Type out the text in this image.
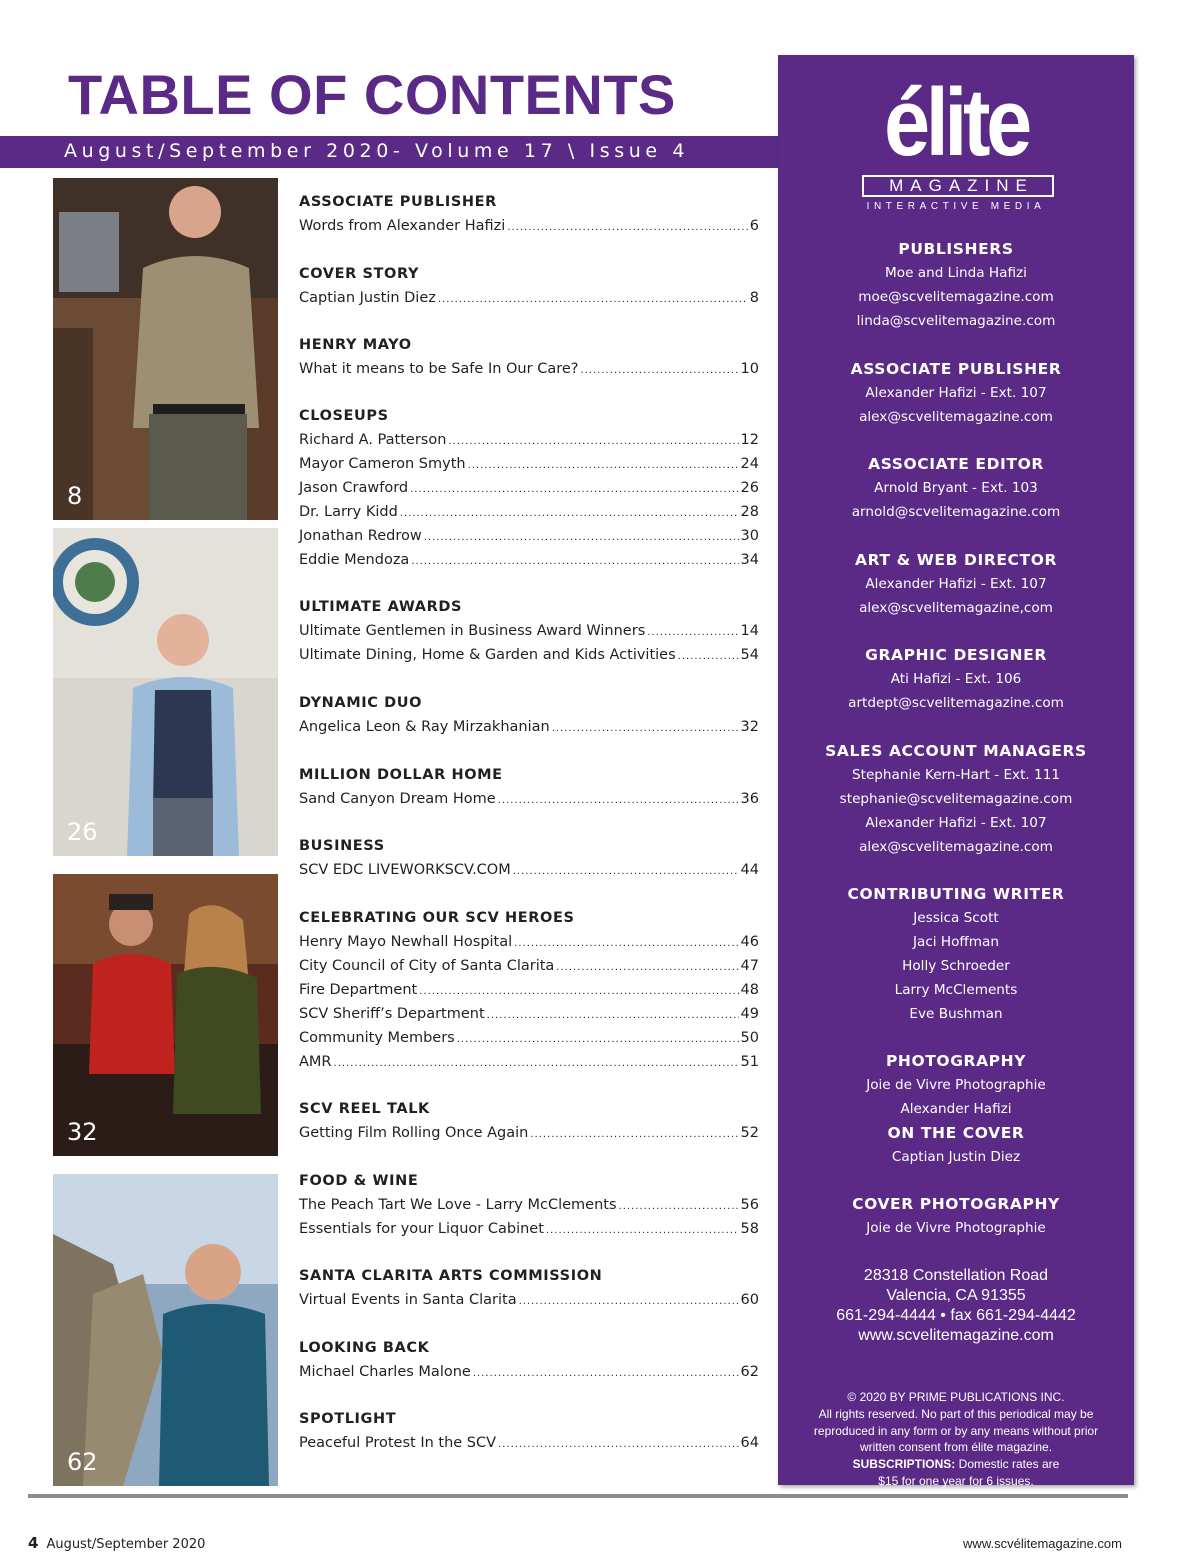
TABLE OF CONTENTS
August/September 2020- Volume 17 \ Issue 4
8
26
32
62
ASSOCIATE PUBLISHER
Words from Alexander Hafizi .....	6
COVER STORY
Captian Justin Diez .....	8
HENRY MAYO
What it means to be Safe In Our Care? .....	10
CLOSEUPS
Richard A. Patterson .....	12
Mayor Cameron Smyth .....	24
Jason Crawford .....	26
Dr. Larry Kidd .....	28
Jonathan Redrow .....	30
Eddie Mendoza .....	34
ULTIMATE AWARDS
Ultimate Gentlemen in Business Award Winners .....	14
Ultimate Dining, Home & Garden and Kids Activities .....	54
DYNAMIC DUO
Angelica Leon & Ray Mirzakhanian .....	32
MILLION DOLLAR HOME
Sand Canyon Dream Home .....	36
BUSINESS
SCV EDC LIVEWORKSCV.COM .....	44
CELEBRATING OUR SCV HEROES
Henry Mayo Newhall Hospital .....	46
City Council of City of Santa Clarita .....	47
Fire Department .....	48
SCV Sheriff’s Department .....	49
Community Members .....	50
AMR .....	51
SCV REEL TALK
Getting Film Rolling Once Again .....	52
FOOD & WINE
The Peach Tart We Love - Larry McClements .....	56
Essentials for your Liquor Cabinet .....	58
SANTA CLARITA ARTS COMMISSION
Virtual Events in Santa Clarita .....	60
LOOKING BACK
Michael Charles Malone .....	62
SPOTLIGHT
Peaceful Protest In the SCV .....	64
élite
MAGAZINE
INTERACTIVE MEDIA
PUBLISHERS
Moe and Linda Hafizi
moe@scvelitemagazine.com
linda@scvelitemagazine.com
ASSOCIATE PUBLISHER
Alexander Hafizi - Ext. 107
alex@scvelitemagazine.com
ASSOCIATE EDITOR
Arnold Bryant - Ext. 103
arnold@scvelitemagazine.com
ART & WEB DIRECTOR
Alexander Hafizi - Ext. 107
alex@scvelitemagazine,com
GRAPHIC DESIGNER
Ati Hafizi - Ext. 106
artdept@scvelitemagazine.com
SALES ACCOUNT MANAGERS
Stephanie Kern-Hart - Ext. 111
stephanie@scvelitemagazine.com
Alexander Hafizi - Ext. 107
alex@scvelitemagazine.com
CONTRIBUTING WRITER
Jessica Scott
Jaci Hoffman
Holly Schroeder
Larry McClements
Eve Bushman
PHOTOGRAPHY
Joie de Vivre Photographie
Alexander Hafizi
ON THE COVER
Captian Justin Diez
COVER PHOTOGRAPHY
Joie de Vivre Photographie
28318 Constellation Road
Valencia, CA 91355
661-294-4444 • fax 661-294-4442
www.scvelitemagazine.com
© 2020 BY PRIME PUBLICATIONS INC.
All rights reserved. No part of this periodical may be
reproduced in any form or by any means without prior
written consent from élite magazine.
SUBSCRIPTIONS: Domestic rates are
$15 for one year for 6 issues.
4 August/September 2020	www.scvélitemagazine.com
